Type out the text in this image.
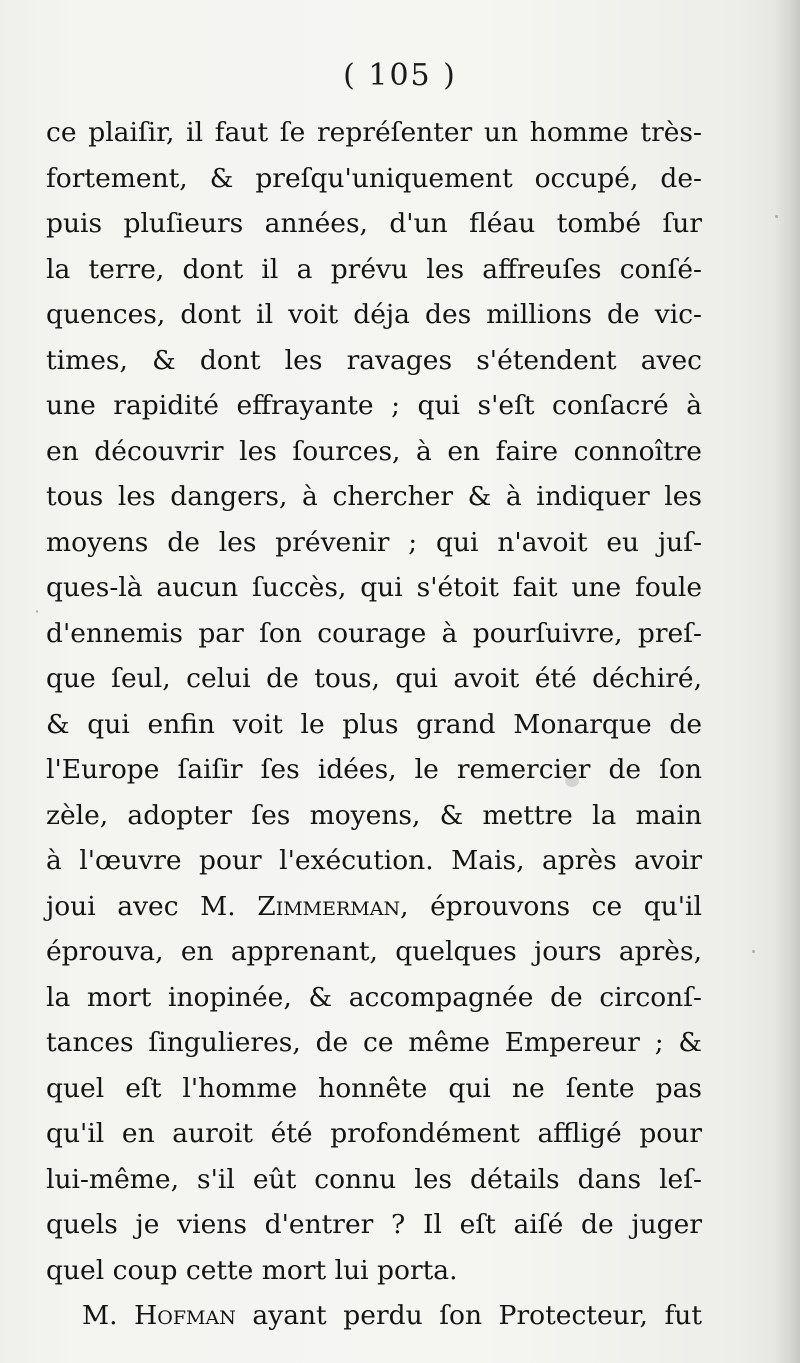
( 105 )
ce plaiſir, il faut ſe repréſenter un homme très-
fortement, & preſqu'uniquement occupé, de-
puis pluſieurs années, d'un fléau tombé ſur
la terre, dont il a prévu les affreuſes conſé-
quences, dont il voit déja des millions de vic-
times, & dont les ravages s'étendent avec
une rapidité effrayante ; qui s'eſt conſacré à
en découvrir les ſources, à en faire connoître
tous les dangers, à chercher & à indiquer les
moyens de les prévenir ; qui n'avoit eu juſ-
ques-là aucun ſuccès, qui s'étoit fait une foule
d'ennemis par ſon courage à pourſuivre, preſ-
que ſeul, celui de tous, qui avoit été déchiré,
& qui enfin voit le plus grand Monarque de
l'Europe ſaiſir ſes idées, le remercier de ſon
zèle, adopter ſes moyens, & mettre la main
à l'œuvre pour l'exécution. Mais, après avoir
joui avec M. Zimmerman, éprouvons ce qu'il
éprouva, en apprenant, quelques jours après,
la mort inopinée, & accompagnée de circonſ-
tances ſingulieres, de ce même Empereur ; &
quel eſt l'homme honnête qui ne ſente pas
qu'il en auroit été profondément affligé pour
lui-même, s'il eût connu les détails dans leſ-
quels je viens d'entrer ? Il eſt aiſé de juger
quel coup cette mort lui porta.
M. Hofman ayant perdu ſon Protecteur, fut
